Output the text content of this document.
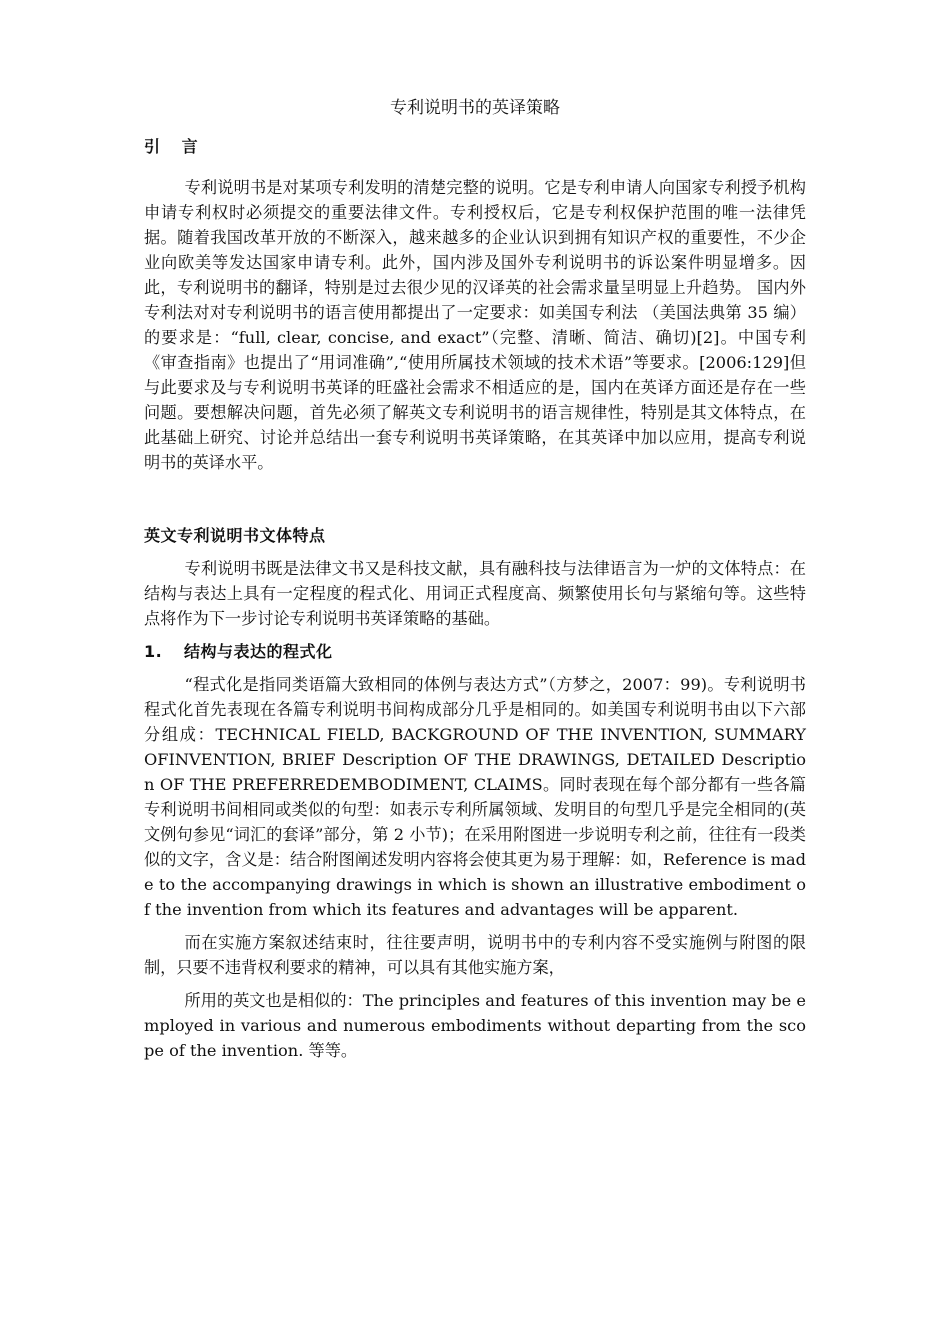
专利说明书的英译策略
引 言

专利说明书是对某项专利发明的清楚完整的说明。它是专利申请人向国家专利授予机构申请专利权时必须提交的重要法律文件。专利授权后，它是专利权保护范围的唯一法律凭据。随着我国改革开放的不断深入，越来越多的企业认识到拥有知识产权的重要性，不少企业向欧美等发达国家申请专利。此外，国内涉及国外专利说明书的诉讼案件明显增多。因此，专利说明书的翻译，特别是过去很少见的汉译英的社会需求量呈明显上升趋势。 国内外专利法对对专利说明书的语言使用都提出了一定要求：如美国专利法 （美国法典第 35 编）的要求是：“full, clear, concise, and exact”（完整、清晰、简洁、确切)[2]。中国专利《审查指南》也提出了“用词准确”,“使用所属技术领域的技术术语”等要求。[2006:129]但与此要求及与专利说明书英译的旺盛社会需求不相适应的是，国内在英译方面还是存在一些问题。要想解决问题，首先必须了解英文专利说明书的语言规律性，特别是其文体特点，在此基础上研究、讨论并总结出一套专利说明书英译策略，在其英译中加以应用，提高专利说明书的英译水平。

英文专利说明书文体特点

专利说明书既是法律文书又是科技文献，具有融科技与法律语言为一炉的文体特点：在结构与表达上具有一定程度的程式化、用词正式程度高、频繁使用长句与紧缩句等。这些特点将作为下一步讨论专利说明书英译策略的基础。

1. 结构与表达的程式化

“程式化是指同类语篇大致相同的体例与表达方式”（方梦之，2007：99)。专利说明书程式化首先表现在各篇专利说明书间构成部分几乎是相同的。如美国专利说明书由以下六部分组成：TECHNICAL FIELD, BACKGROUND OF THE INVENTION, SUMMARY OFINVENTION, BRIEF Description OF THE DRAWINGS, DETAILED Description OF THE PREFERREDEMBODIMENT, CLAIMS。同时表现在每个部分都有一些各篇专利说明书间相同或类似的句型：如表示专利所属领域、发明目的句型几乎是完全相同的(英文例句参见“词汇的套译”部分，第 2 小节)；在采用附图进一步说明专利之前，往往有一段类似的文字，含义是：结合附图阐述发明内容将会使其更为易于理解：如，Reference is made to the accompanying drawings in which is shown an illustrative embodiment of the invention from which its features and advantages will be apparent.

而在实施方案叙述结束时，往往要声明，说明书中的专利内容不受实施例与附图的限制，只要不违背权利要求的精神，可以具有其他实施方案，

所用的英文也是相似的：The principles and features of this invention may be employed in various and numerous embodiments without departing from the scope of the invention. 等等。
